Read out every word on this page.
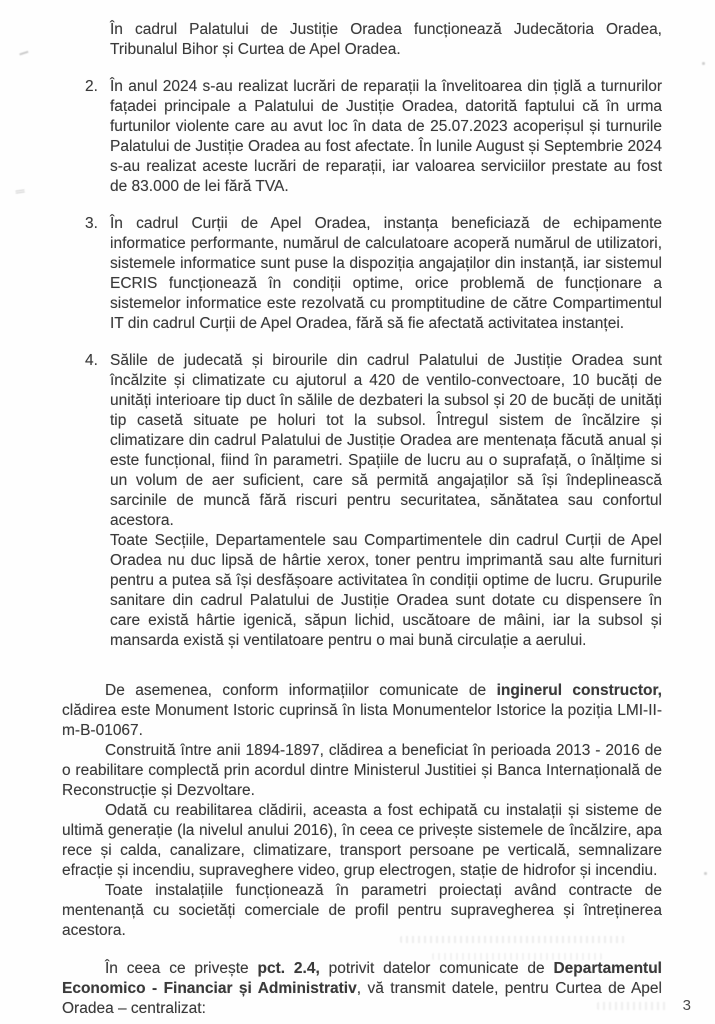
În cadrul Palatului de Justiție Oradea funcționează Judecătoria Oradea, Tribunalul Bihor și Curtea de Apel Oradea.

2. În anul 2024 s-au realizat lucrări de reparații la învelitoarea din țiglă a turnurilor fațadei principale a Palatului de Justiție Oradea, datorită faptului că în urma furtunilor violente care au avut loc în data de 25.07.2023 acoperișul și turnurile Palatului de Justiție Oradea au fost afectate. În lunile August și Septembrie 2024 s-au realizat aceste lucrări de reparații, iar valoarea serviciilor prestate au fost de 83.000 de lei fără TVA.

3. În cadrul Curții de Apel Oradea, instanța beneficiază de echipamente informatice performante, numărul de calculatoare acoperă numărul de utilizatori, sistemele informatice sunt puse la dispoziția angajaților din instanță, iar sistemul ECRIS funcționează în condiții optime, orice problemă de funcționare a sistemelor informatice este rezolvată cu promptitudine de către Compartimentul IT din cadrul Curții de Apel Oradea, fără să fie afectată activitatea instanței.

4. Sălile de judecată și birourile din cadrul Palatului de Justiție Oradea sunt încălzite și climatizate cu ajutorul a 420 de ventilo-convectoare, 10 bucăți de unități interioare tip duct în sălile de dezbateri la subsol și 20 de bucăți de unități tip casetă situate pe holuri tot la subsol. Întregul sistem de încălzire și climatizare din cadrul Palatului de Justiție Oradea are mentenața făcută anual și este funcțional, fiind în parametri. Spațiile de lucru au o suprafață, o înălțime si un volum de aer suficient, care să permită angajaților să își îndeplinească sarcinile de muncă fără riscuri pentru securitatea, sănătatea sau confortul acestora.

Toate Secțiile, Departamentele sau Compartimentele din cadrul Curții de Apel Oradea nu duc lipsă de hârtie xerox, toner pentru imprimantă sau alte furnituri pentru a putea să își desfășoare activitatea în condiții optime de lucru. Grupurile sanitare din cadrul Palatului de Justiție Oradea sunt dotate cu dispensere în care există hârtie igenică, săpun lichid, uscătoare de mâini, iar la subsol și mansarda există și ventilatoare pentru o mai bună circulație a aerului.

De asemenea, conform informațiilor comunicate de inginerul constructor, clădirea este Monument Istoric cuprinsă în lista Monumentelor Istorice la poziția LMI-II-m-B-01067.

Construită între anii 1894-1897, clădirea a beneficiat în perioada 2013 - 2016 de o reabilitare complectă prin acordul dintre Ministerul Justitiei și Banca Internațională de Reconstrucție și Dezvoltare.

Odată cu reabilitarea clădirii, aceasta a fost echipată cu instalații și sisteme de ultimă generație (la nivelul anului 2016), în ceea ce privește sistemele de încălzire, apa rece și calda, canalizare, climatizare, transport persoane pe verticală, semnalizare efracție și incendiu, supraveghere video, grup electrogen, stație de hidrofor și incendiu.

Toate instalațiile funcționează în parametri proiectați având contracte de mentenanță cu societăți comerciale de profil pentru supravegherea și întreținerea acestora.

În ceea ce privește pct. 2.4, potrivit datelor comunicate de Departamentul Economico - Financiar și Administrativ, vă transmit datele, pentru Curtea de Apel Oradea – centralizat:	3
